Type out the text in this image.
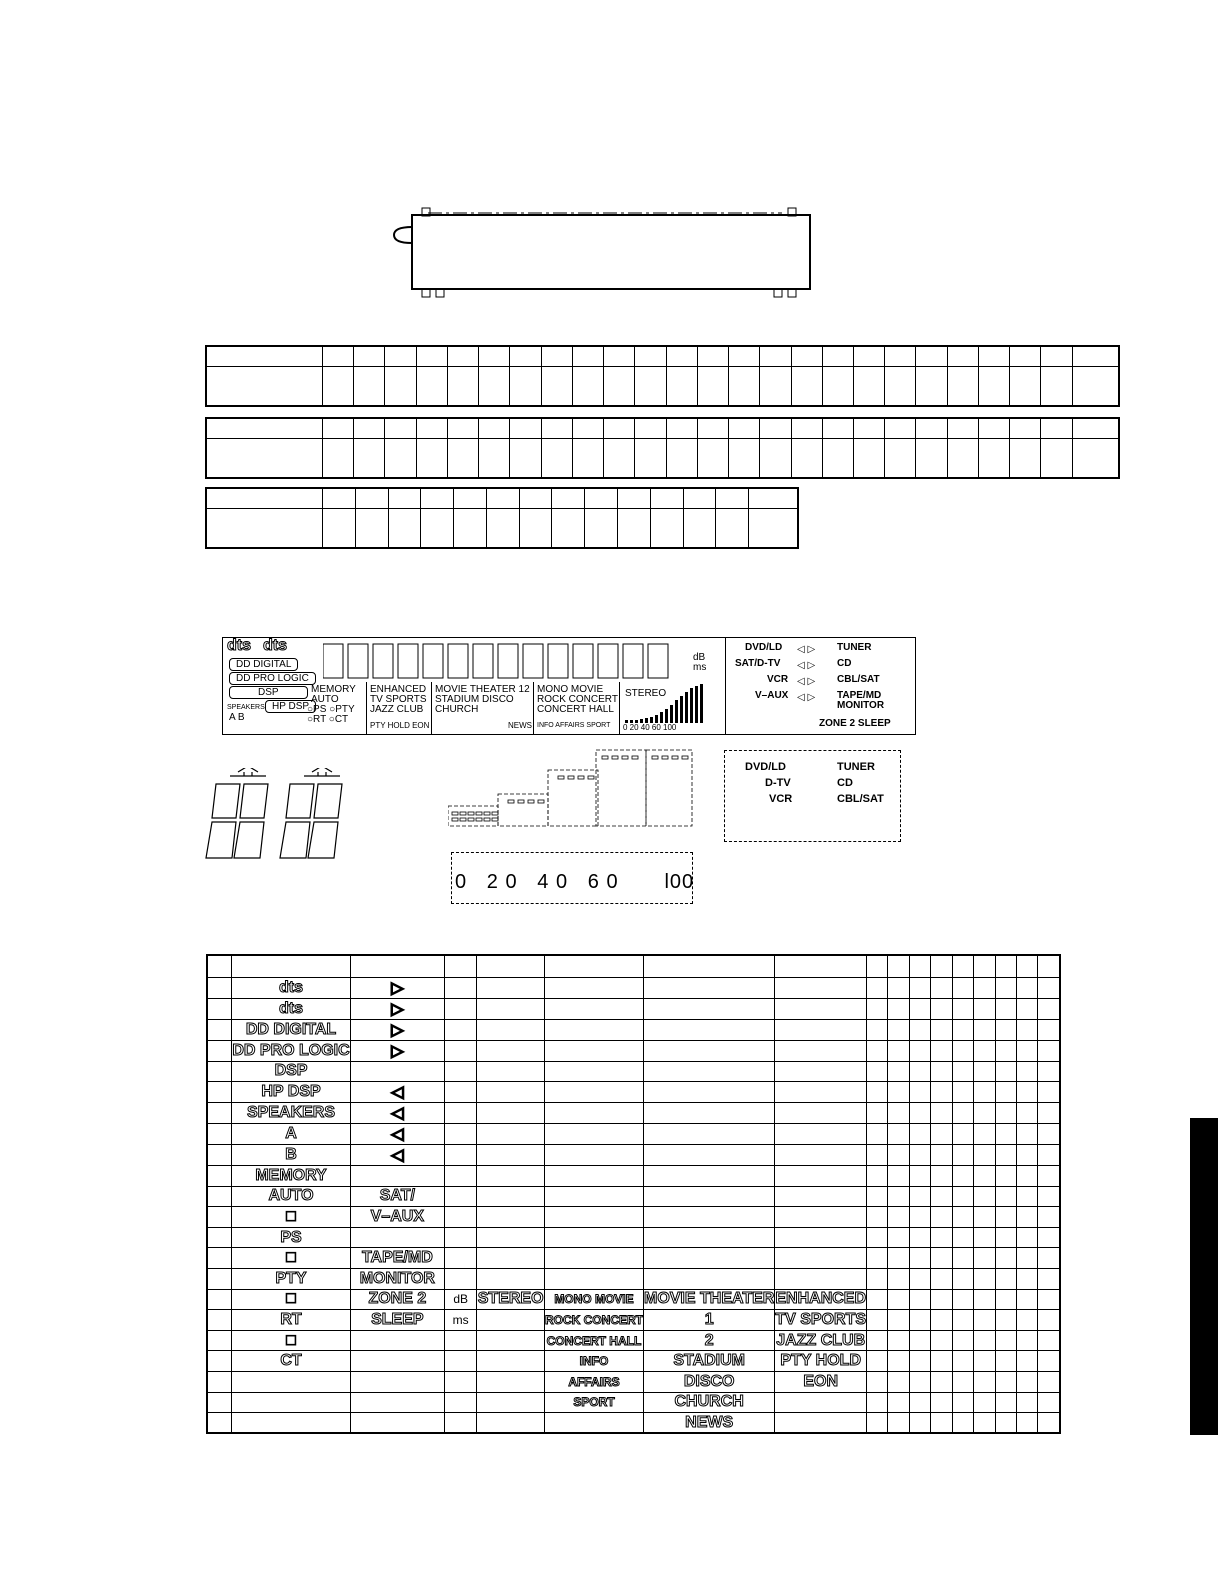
dts dts
DD DIGITAL
DD PRO LOGIC
DSP
HP DSP
SPEAKERS
A B
MEMORY
AUTO
○PS ○PTY
○RT ○CT
ENHANCED
TV SPORTS
JAZZ CLUB
PTY HOLD EON
MOVIE THEATER 12
STADIUM DISCO
CHURCH
NEWS
MONO MOVIE
ROCK CONCERT
CONCERT HALL
INFO AFFAIRS SPORT
STEREO
0 20 40 60 100
DVD/LD
SAT/D-TV
VCR
V–AUX
◁ ▷
◁ ▷
◁ ▷
◁ ▷
TUNER
CD
CBL/SAT
TAPE/MD
MONITOR
ZONE 2 SLEEP
dB
ms
0 2 0 4 0 6 0 l00
DVD/LD
D-TV
VCR
TUNER
CD
CBL/SAT

	dts	▷														
	dts	▷														
	DD DIGITAL	▷														
	DD PRO LOGIC	▷														
	DSP															
	HP DSP	◁														
	SPEAKERS	◁														
	A	◁														
	B	◁														
	MEMORY															
	AUTO	SAT/														
	□	V–AUX														
	PS															
	□	TAPE/MD														
	PTY	MONITOR														
	□	ZONE 2	dB	STEREO	MONO MOVIE	MOVIE THEATER	ENHANCED									
	RT	SLEEP	ms		ROCK CONCERT	1	TV SPORTS									
	□				CONCERT HALL	2	JAZZ CLUB									
	CT				INFO	STADIUM	PTY HOLD									
					AFFAIRS	DISCO	EON									
					SPORT	CHURCH										
						NEWS										
